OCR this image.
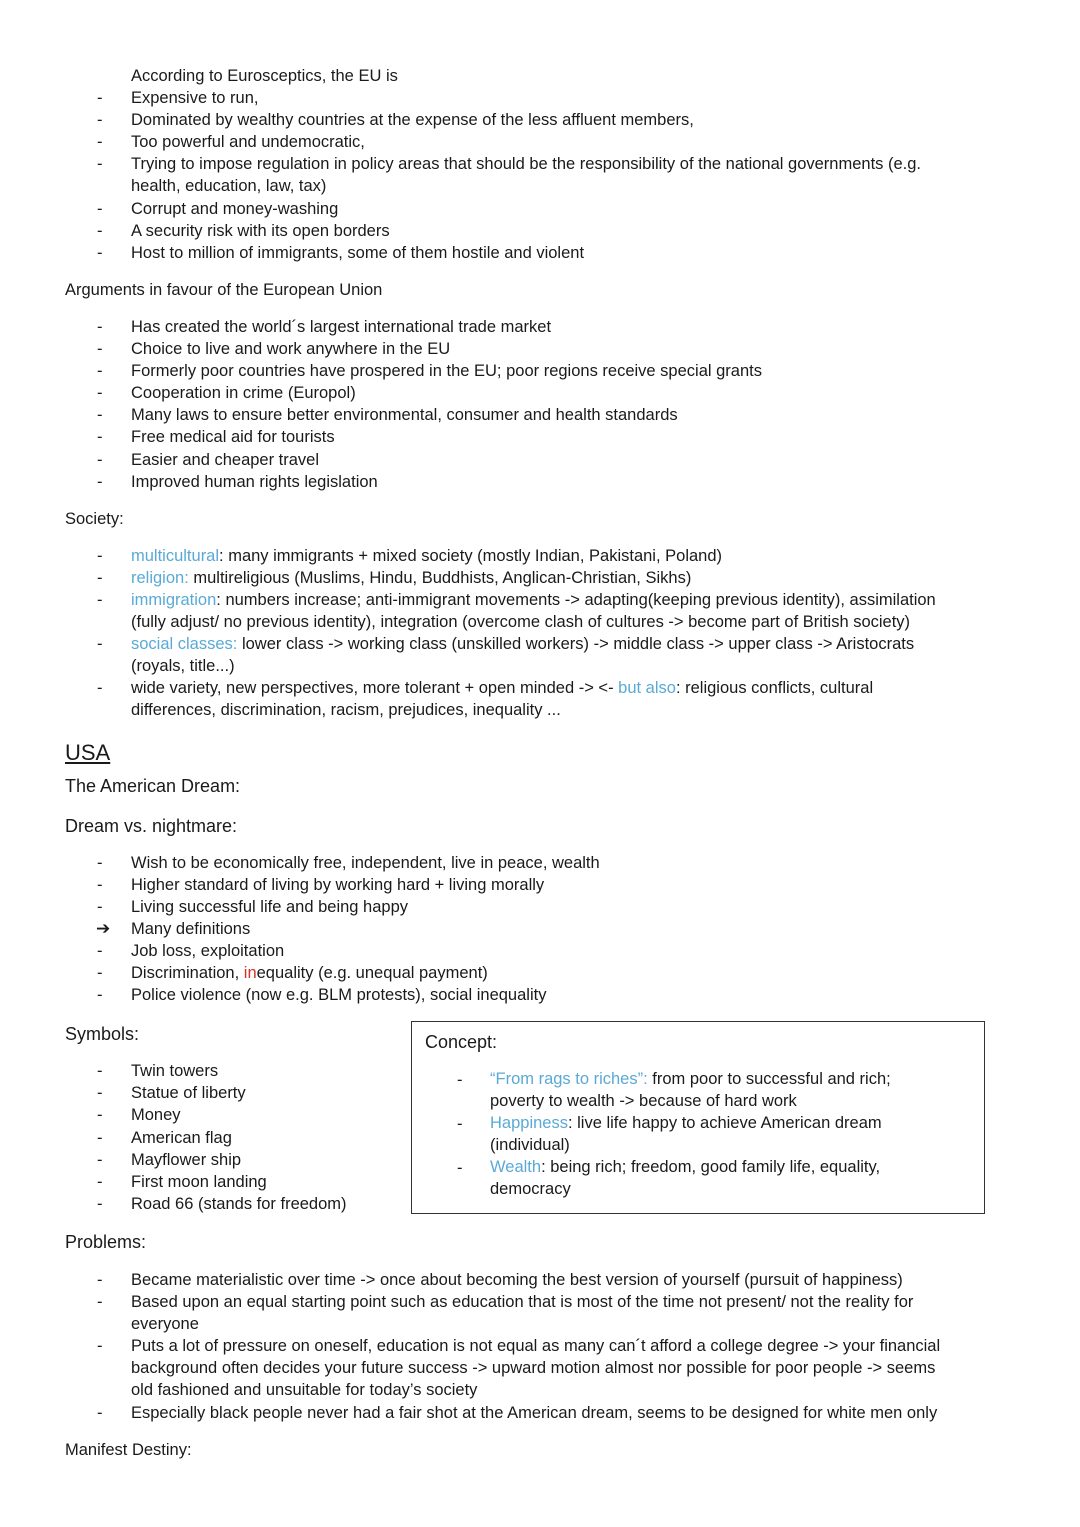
According to Eurosceptics, the EU is
-	Expensive to run,
-	Dominated by wealthy countries at the expense of the less affluent members,
-	Too powerful and undemocratic,
-	Trying to impose regulation in policy areas that should be the responsibility of the national governments (e.g.
health, education, law, tax)
-	Corrupt and money-washing
-	A security risk with its open borders
-	Host to million of immigrants, some of them hostile and violent
Arguments in favour of the European Union
-	Has created the world´s largest international trade market
-	Choice to live and work anywhere in the EU
-	Formerly poor countries have prospered in the EU; poor regions receive special grants
-	Cooperation in crime (Europol)
-	Many laws to ensure better environmental, consumer and health standards
-	Free medical aid for tourists
-	Easier and cheaper travel
-	Improved human rights legislation
Society:
-	multicultural: many immigrants + mixed society (mostly Indian, Pakistani, Poland)
-	religion: multireligious (Muslims, Hindu, Buddhists, Anglican-Christian, Sikhs)
-	immigration: numbers increase; anti-immigrant movements -> adapting(keeping previous identity), assimilation
(fully adjust/ no previous identity), integration (overcome clash of cultures -> become part of British society)
-	social classes: lower class -> working class (unskilled workers) -> middle class -> upper class -> Aristocrats
(royals, title...)
-	wide variety, new perspectives, more tolerant + open minded -> <- but also: religious conflicts, cultural
differences, discrimination, racism, prejudices, inequality ...
USA
The American Dream:
Dream vs. nightmare:
-	Wish to be economically free, independent, live in peace, wealth
-	Higher standard of living by working hard + living morally
-	Living successful life and being happy
➔ Many definitions
-	Job loss, exploitation
-	Discrimination, inequality (e.g. unequal payment)
-	Police violence (now e.g. BLM protests), social inequality
Symbols:
-	Twin towers
-	Statue of liberty
-	Money
-	American flag
-	Mayflower ship
-	First moon landing
-	Road 66 (stands for freedom)
Concept:
- “From rags to riches”: from poor to successful and rich;
poverty to wealth -> because of hard work
- Happiness: live life happy to achieve American dream
(individual)
- Wealth: being rich; freedom, good family life, equality,
democracy
Problems:
-	Became materialistic over time -> once about becoming the best version of yourself (pursuit of happiness)
-	Based upon an equal starting point such as education that is most of the time not present/ not the reality for
everyone
-	Puts a lot of pressure on oneself, education is not equal as many can´t afford a college degree -> your financial
background often decides your future success -> upward motion almost nor possible for poor people -> seems
old fashioned and unsuitable for today’s society
-	Especially black people never had a fair shot at the American dream, seems to be designed for white men only
Manifest Destiny:
